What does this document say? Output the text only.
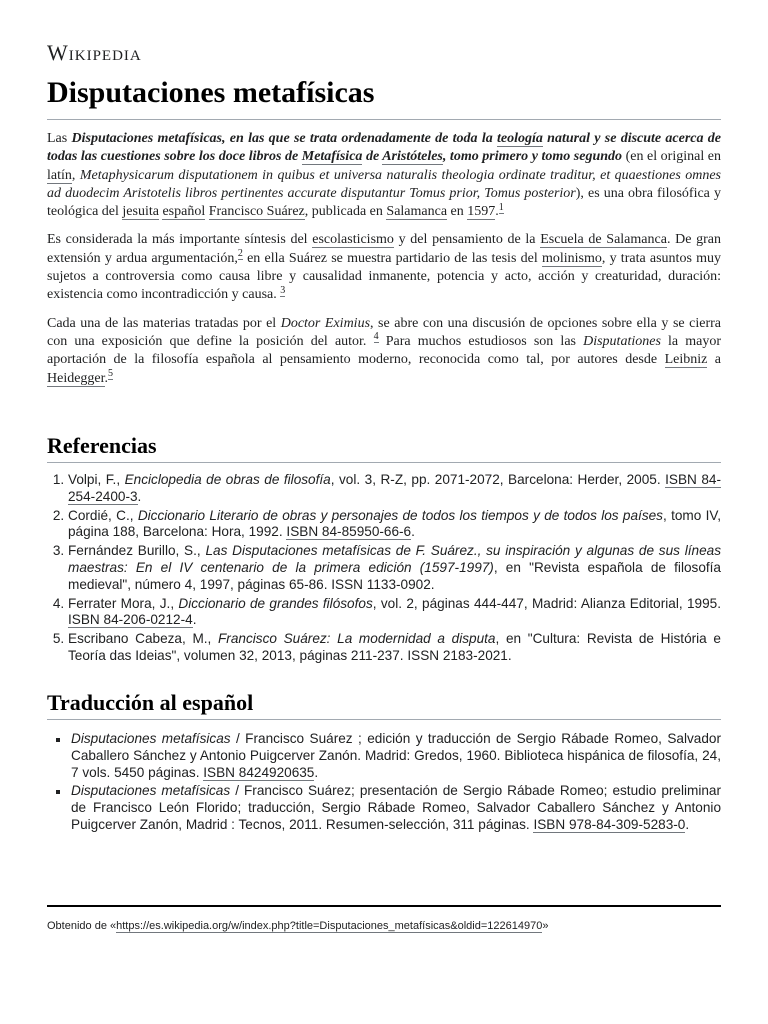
Wikipedia
Disputaciones metafísicas

Las Disputaciones metafísicas, en las que se trata ordenadamente de toda la teología natural y se discute acerca de todas las cuestiones sobre los doce libros de Metafísica de Aristóteles, tomo primero y tomo segundo (en el original en latín, Metaphysicarum disputationem in quibus et universa naturalis theologia ordinate traditur, et quaestiones omnes ad duodecim Aristotelis libros pertinentes accurate disputantur Tomus prior, Tomus posterior), es una obra filosófica y teológica del jesuita español Francisco Suárez, publicada en Salamanca en 1597.$^1$

Es considerada la más importante síntesis del escolasticismo y del pensamiento de la Escuela de Salamanca. De gran extensión y ardua argumentación,$^2$ en ella Suárez se muestra partidario de las tesis del molinismo, y trata asuntos muy sujetos a controversia como causa libre y causalidad inmanente, potencia y acto, acción y creaturidad, duración: existencia como incontradicción y causa. $^3$

Cada una de las materias tratadas por el Doctor Eximius, se abre con una discusión de opciones sobre ella y se cierra con una exposición que define la posición del autor. $^4$ Para muchos estudiosos son las Disputationes la mayor aportación de la filosofía española al pensamiento moderno, reconocida como tal, por autores desde Leibniz a Heidegger.$^5$

Referencias
1. Volpi, F., Enciclopedia de obras de filosofía, vol. 3, R-Z, pp. 2071-2072, Barcelona: Herder, 2005. ISBN 84-254-2400-3.
2. Cordié, C., Diccionario Literario de obras y personajes de todos los tiempos y de todos los países, tomo IV, página 188, Barcelona: Hora, 1992. ISBN 84-85950-66-6.
3. Fernández Burillo, S., Las Disputaciones metafísicas de F. Suárez., su inspiración y algunas de sus líneas maestras: En el IV centenario de la primera edición (1597-1997), en "Revista española de filosofía medieval", número 4, 1997, páginas 65-86. ISSN 1133-0902.
4. Ferrater Mora, J., Diccionario de grandes filósofos, vol. 2, páginas 444-447, Madrid: Alianza Editorial, 1995. ISBN 84-206-0212-4.
5. Escribano Cabeza, M., Francisco Suárez: La modernidad a disputa, en "Cultura: Revista de História e Teoría das Ideias", volumen 32, 2013, páginas 211-237. ISSN 2183-2021.
Traducción al español
Disputaciones metafísicas / Francisco Suárez ; edición y traducción de Sergio Rábade Romeo, Salvador Caballero Sánchez y Antonio Puigcerver Zanón. Madrid: Gredos, 1960. Biblioteca hispánica de filosofía, 24, 7 vols. 5450 páginas. ISBN 8424920635.
Disputaciones metafísicas / Francisco Suárez; presentación de Sergio Rábade Romeo; estudio preliminar de Francisco León Florido; traducción, Sergio Rábade Romeo, Salvador Caballero Sánchez y Antonio Puigcerver Zanón, Madrid : Tecnos, 2011. Resumen-selección, 311 páginas. ISBN 978-84-309-5283-0.
Obtenido de «https://es.wikipedia.org/w/index.php?title=Disputaciones_metafísicas&oldid=122614970»
